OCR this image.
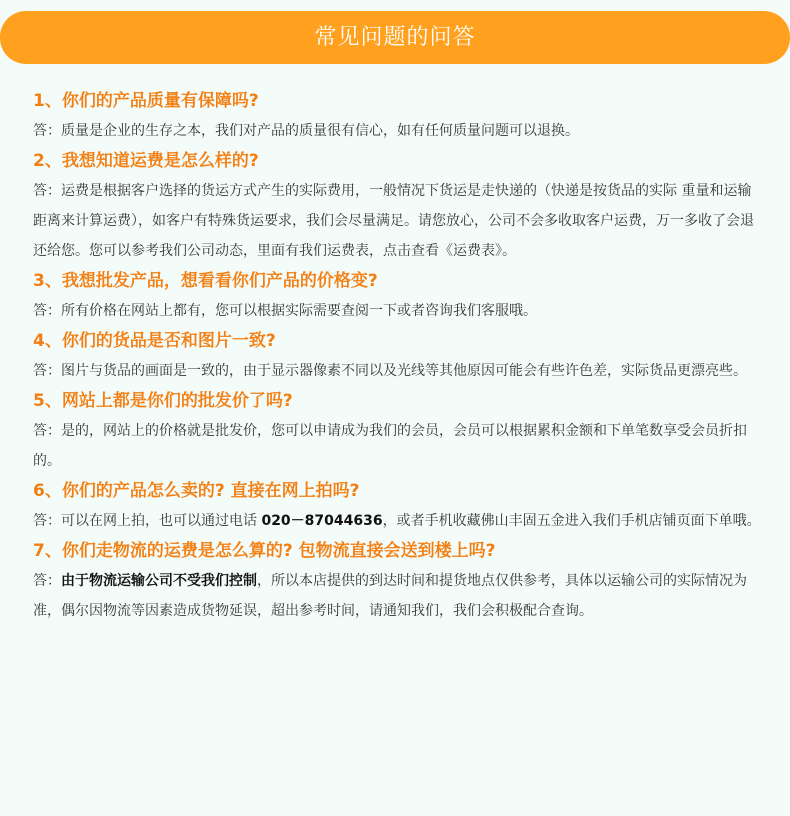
常见问题的问答

1、你们的产品质量有保障吗?

答：质量是企业的生存之本，我们对产品的质量很有信心，如有任何质量问题可以退换。

2、我想知道运费是怎么样的?

答：运费是根据客户选择的货运方式产生的实际费用，一般情况下货运是走快递的（快递是按货品的实际 重量和运输距离来计算运费），如客户有特殊货运要求，我们会尽量满足。请您放心，公司不会多收取客户运费，万一多收了会退还给您。您可以参考我们公司动态，里面有我们运费表，点击查看《运费表》。

3、我想批发产品，想看看你们产品的价格变?

答：所有价格在网站上都有，您可以根据实际需要查阅一下或者咨询我们客服哦。

4、你们的货品是否和图片一致?

答：图片与货品的画面是一致的，由于显示器像素不同以及光线等其他原因可能会有些许色差，实际货品更漂亮些。

5、网站上都是你们的批发价了吗?

答：是的，网站上的价格就是批发价，您可以申请成为我们的会员，会员可以根据累积金额和下单笔数享受会员折扣的。

6、你们的产品怎么卖的? 直接在网上拍吗?

答：可以在网上拍，也可以通过电话 020－87044636，或者手机收藏佛山丰固五金进入我们手机店铺页面下单哦。

7、你们走物流的运费是怎么算的? 包物流直接会送到楼上吗?

答：由于物流运输公司不受我们控制，所以本店提供的到达时间和提货地点仅供参考，具体以运输公司的实际情况为准，偶尔因物流等因素造成货物延误，超出参考时间，请通知我们，我们会积极配合查询。
